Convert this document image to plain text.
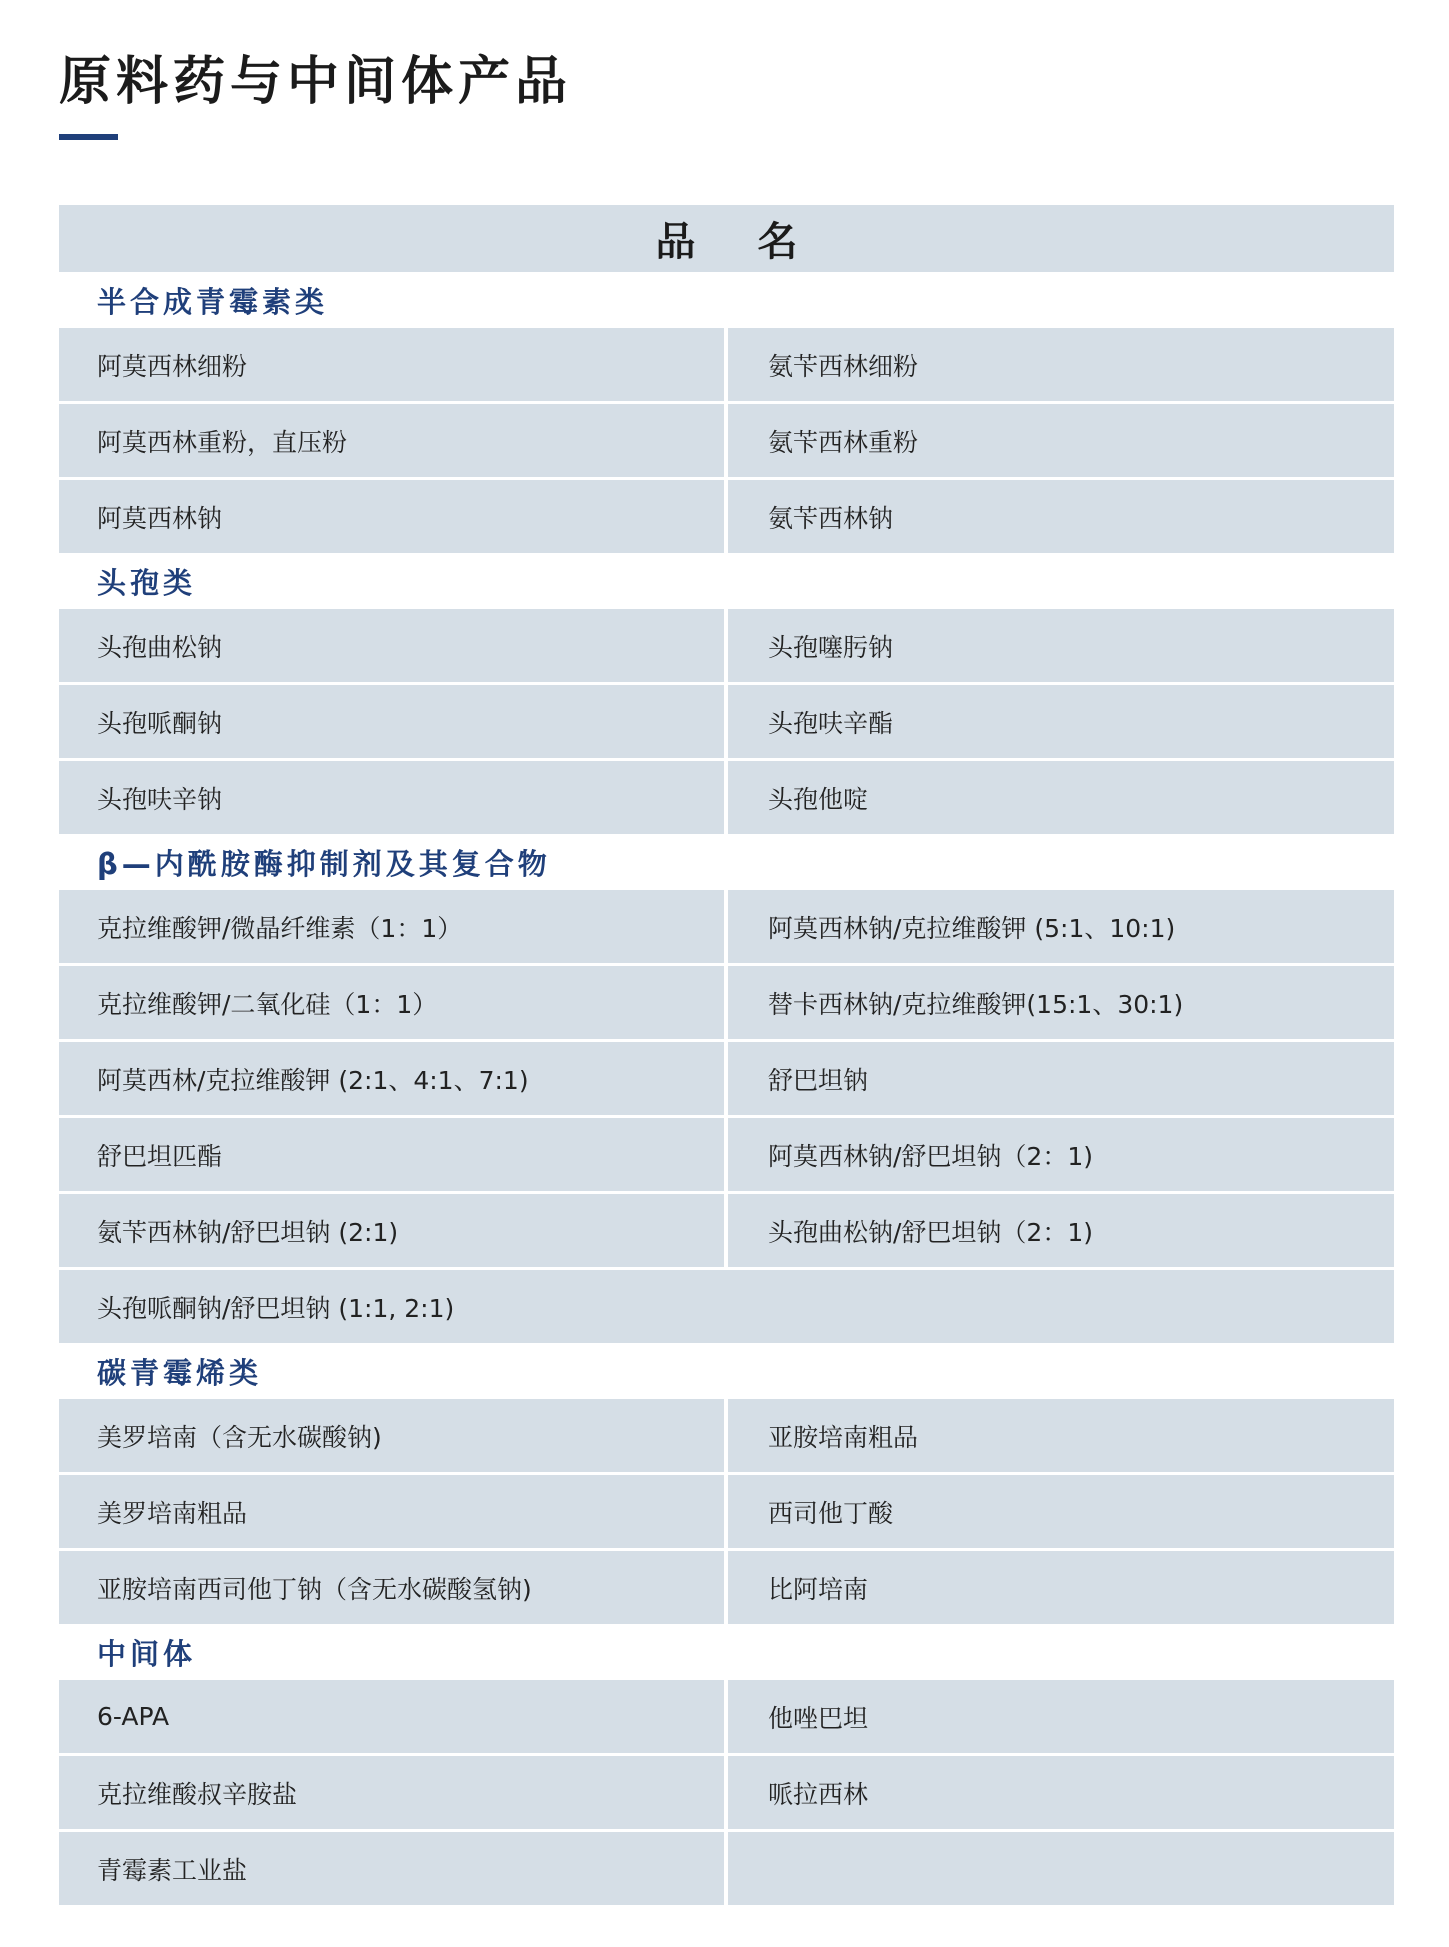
原料药与中间体产品
品名
半合成青霉素类
阿莫西林细粉	氨苄西林细粉
阿莫西林重粉，直压粉	氨苄西林重粉
阿莫西林钠	氨苄西林钠
头孢类
头孢曲松钠	头孢噻肟钠
头孢哌酮钠	头孢呋辛酯
头孢呋辛钠	头孢他啶
β—内酰胺酶抑制剂及其复合物
克拉维酸钾/微晶纤维素（1：1）	阿莫西林钠/克拉维酸钾 (5:1、10:1)
克拉维酸钾/二氧化硅（1：1）	替卡西林钠/克拉维酸钾(15:1、30:1)
阿莫西林/克拉维酸钾 (2:1、4:1、7:1)	舒巴坦钠
舒巴坦匹酯	阿莫西林钠/舒巴坦钠（2：1)
氨苄西林钠/舒巴坦钠 (2:1)	头孢曲松钠/舒巴坦钠（2：1)
头孢哌酮钠/舒巴坦钠 (1:1, 2:1)
碳青霉烯类
美罗培南（含无水碳酸钠)	亚胺培南粗品
美罗培南粗品	西司他丁酸
亚胺培南西司他丁钠（含无水碳酸氢钠)	比阿培南
中间体
6-APA	他唑巴坦
克拉维酸叔辛胺盐	哌拉西林
青霉素工业盐
